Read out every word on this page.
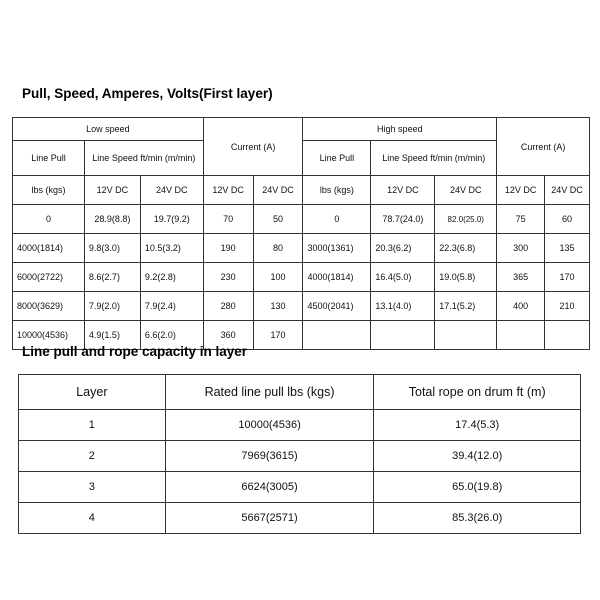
Pull, Speed, Amperes, Volts(First layer)
Low speed			Current (A)		High speed			Current (A)	
Line Pull	Line Speed ft/min (m/min)				Line Pull	Line Speed ft/min (m/min)			
lbs (kgs)	12V DC	24V DC	12V DC	24V DC	lbs (kgs)	12V DC	24V DC	12V DC	24V DC
0	28.9(8.8)	19.7(9.2)	70	50	0	78.7(24.0)	82.0(25.0)	75	60
4000(1814)	9.8(3.0)	10.5(3.2)	190	80	3000(1361)	20.3(6.2)	22.3(6.8)	300	135
6000(2722)	8.6(2.7)	9.2(2.8)	230	100	4000(1814)	16.4(5.0)	19.0(5.8)	365	170
8000(3629)	7.9(2.0)	7.9(2.4)	280	130	4500(2041)	13.1(4.0)	17.1(5.2)	400	210
10000(4536)	4.9(1.5)	6.6(2.0)	360	170					
Line pull and rope capacity in layer
Layer	Rated line pull lbs (kgs)	Total rope on drum ft (m)
1	10000(4536)	17.4(5.3)
2	7969(3615)	39.4(12.0)
3	6624(3005)	65.0(19.8)
4	5667(2571)	85.3(26.0)
